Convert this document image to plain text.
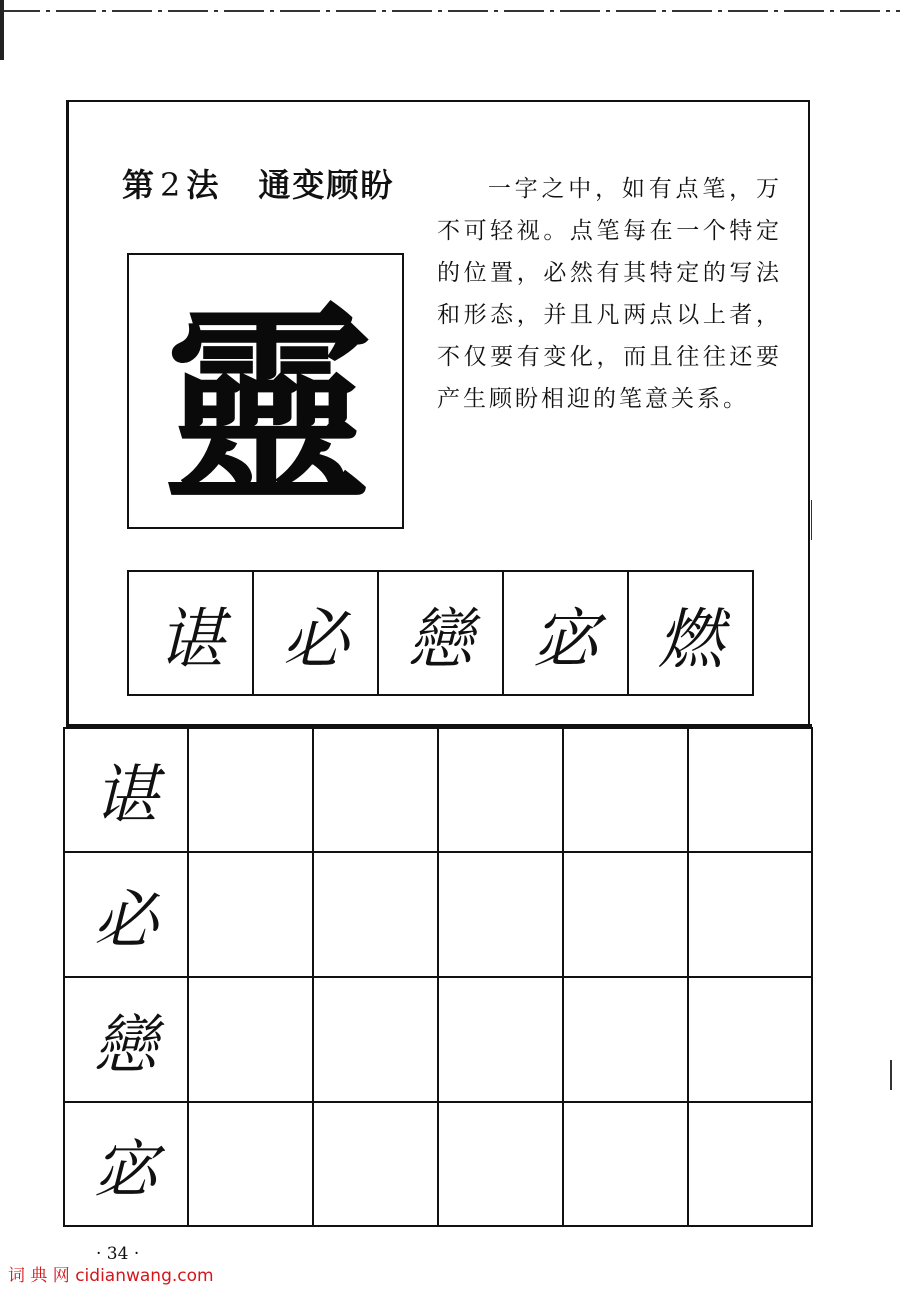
第 2 法 通变顾盼	一字之中，如有点笔，万不可轻视。点笔每在一个特定的位置，必然有其特定的写法和形态，并且凡两点以上者，不仅要有变化，而且往往还要产生顾盼相迎的笔意关系。
靈
谌 必 戀 宓 燃
谌
必
戀
宓
· 34 ·
词 典 网 cidianwang.com
